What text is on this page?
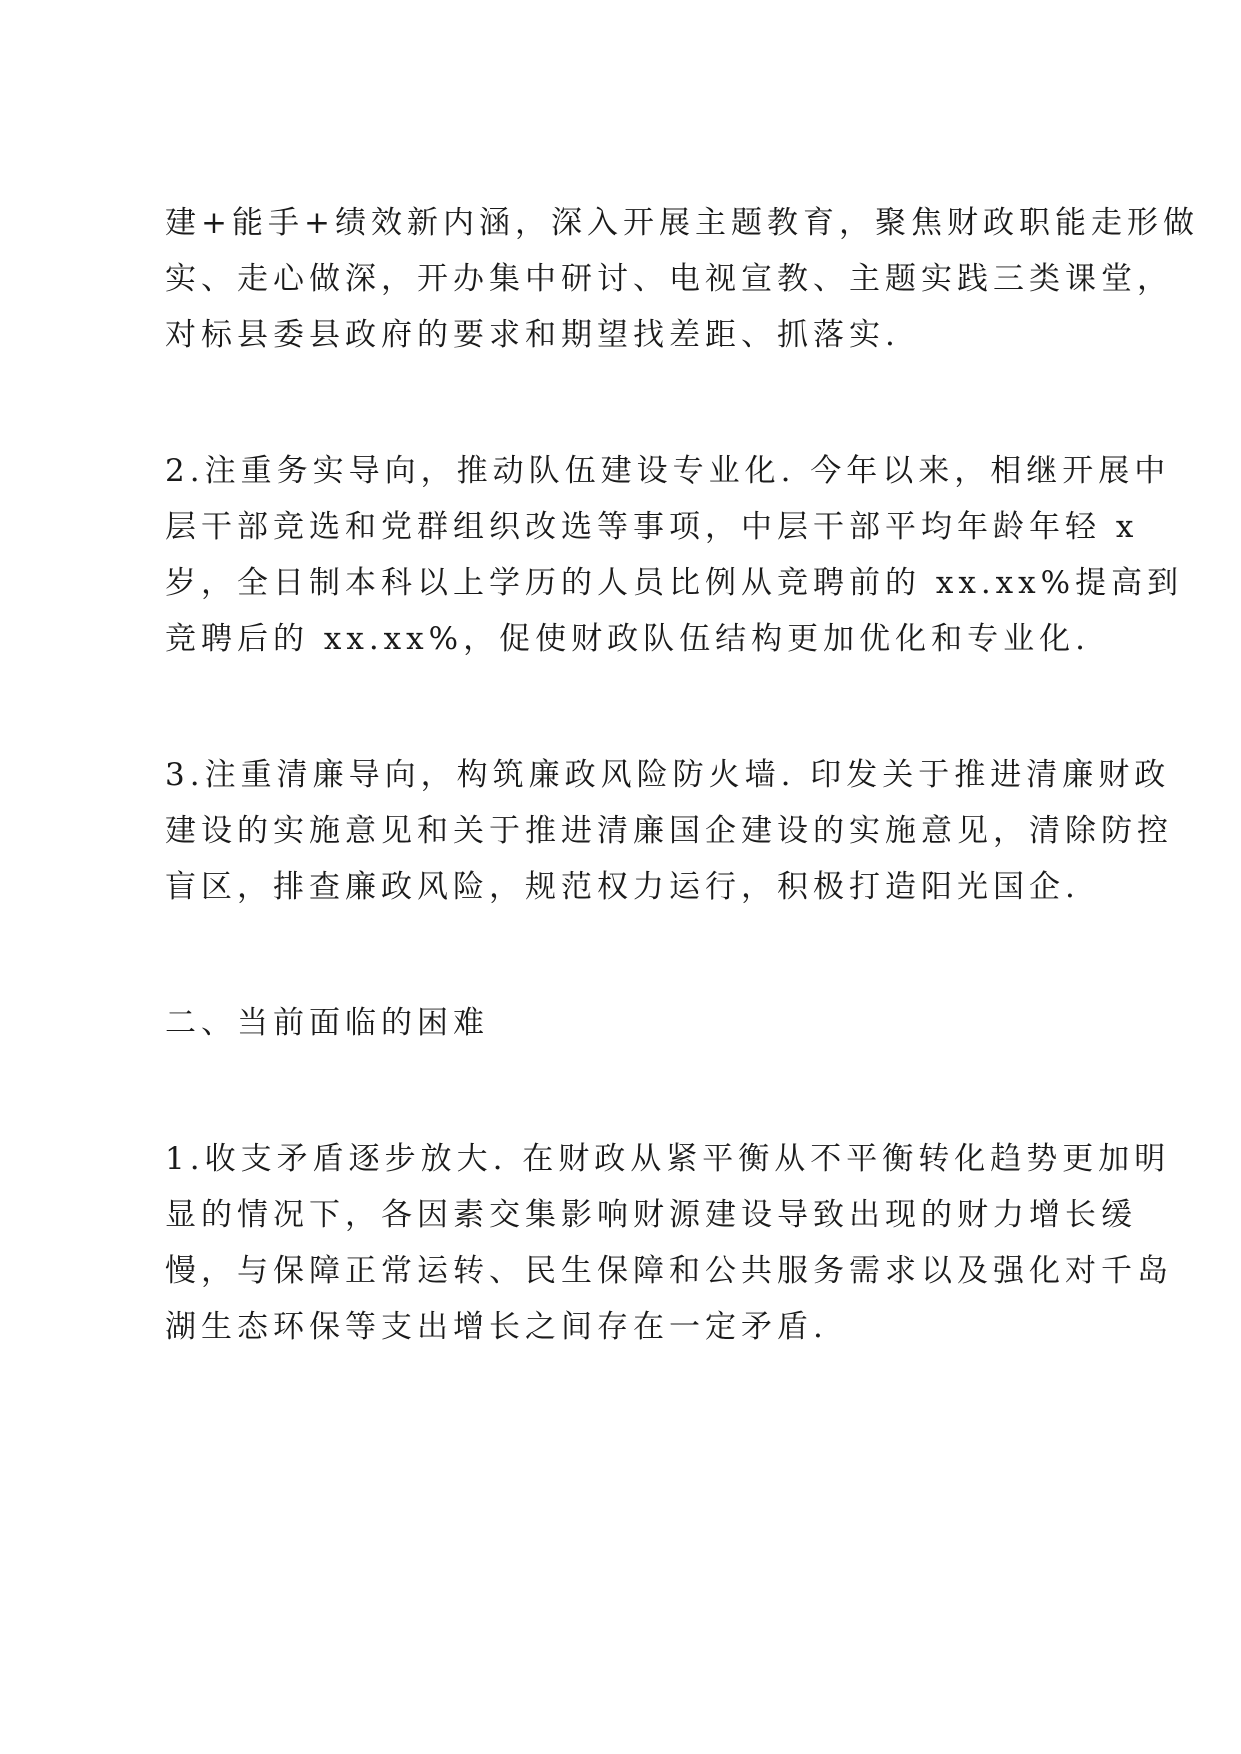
建+能手+绩效新内涵，深入开展主题教育，聚焦财政职能走形做
实、走心做深，开办集中研讨、电视宣教、主题实践三类课堂，
对标县委县政府的要求和期望找差距、抓落实.

2.注重务实导向，推动队伍建设专业化. 今年以来，相继开展中
层干部竞选和党群组织改选等事项，中层干部平均年龄年轻 x
岁，全日制本科以上学历的人员比例从竞聘前的 xx.xx%提高到
竞聘后的 xx.xx%，促使财政队伍结构更加优化和专业化.

3.注重清廉导向，构筑廉政风险防火墙. 印发关于推进清廉财政
建设的实施意见和关于推进清廉国企建设的实施意见，清除防控
盲区，排查廉政风险，规范权力运行，积极打造阳光国企.

二、当前面临的困难

1.收支矛盾逐步放大. 在财政从紧平衡从不平衡转化趋势更加明
显的情况下，各因素交集影响财源建设导致出现的财力增长缓
慢，与保障正常运转、民生保障和公共服务需求以及强化对千岛
湖生态环保等支出增长之间存在一定矛盾.
